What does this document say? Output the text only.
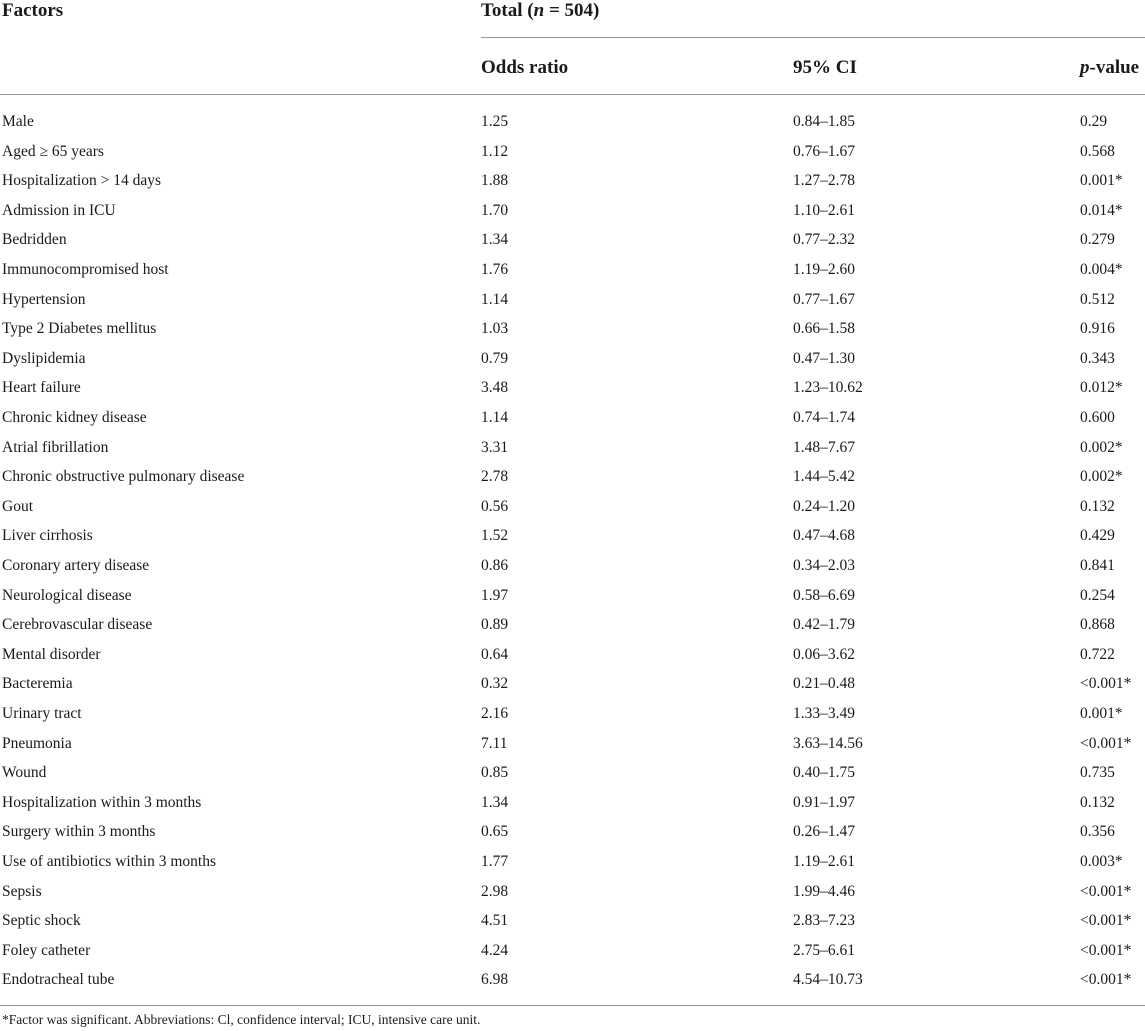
Factors	Total (n = 504)
Odds ratio	95% CI	p-value
Male	1.25	0.84–1.85	0.29
Aged ≥ 65 years	1.12	0.76–1.67	0.568
Hospitalization > 14 days	1.88	1.27–2.78	0.001*
Admission in ICU	1.70	1.10–2.61	0.014*
Bedridden	1.34	0.77–2.32	0.279
Immunocompromised host	1.76	1.19–2.60	0.004*
Hypertension	1.14	0.77–1.67	0.512
Type 2 Diabetes mellitus	1.03	0.66–1.58	0.916
Dyslipidemia	0.79	0.47–1.30	0.343
Heart failure	3.48	1.23–10.62	0.012*
Chronic kidney disease	1.14	0.74–1.74	0.600
Atrial fibrillation	3.31	1.48–7.67	0.002*
Chronic obstructive pulmonary disease	2.78	1.44–5.42	0.002*
Gout	0.56	0.24–1.20	0.132
Liver cirrhosis	1.52	0.47–4.68	0.429
Coronary artery disease	0.86	0.34–2.03	0.841
Neurological disease	1.97	0.58–6.69	0.254
Cerebrovascular disease	0.89	0.42–1.79	0.868
Mental disorder	0.64	0.06–3.62	0.722
Bacteremia	0.32	0.21–0.48	<0.001*
Urinary tract	2.16	1.33–3.49	0.001*
Pneumonia	7.11	3.63–14.56	<0.001*
Wound	0.85	0.40–1.75	0.735
Hospitalization within 3 months	1.34	0.91–1.97	0.132
Surgery within 3 months	0.65	0.26–1.47	0.356
Use of antibiotics within 3 months	1.77	1.19–2.61	0.003*
Sepsis	2.98	1.99–4.46	<0.001*
Septic shock	4.51	2.83–7.23	<0.001*
Foley catheter	4.24	2.75–6.61	<0.001*
Endotracheal tube	6.98	4.54–10.73	<0.001*
*Factor was significant. Abbreviations: Cl, confidence interval; ICU, intensive care unit.
